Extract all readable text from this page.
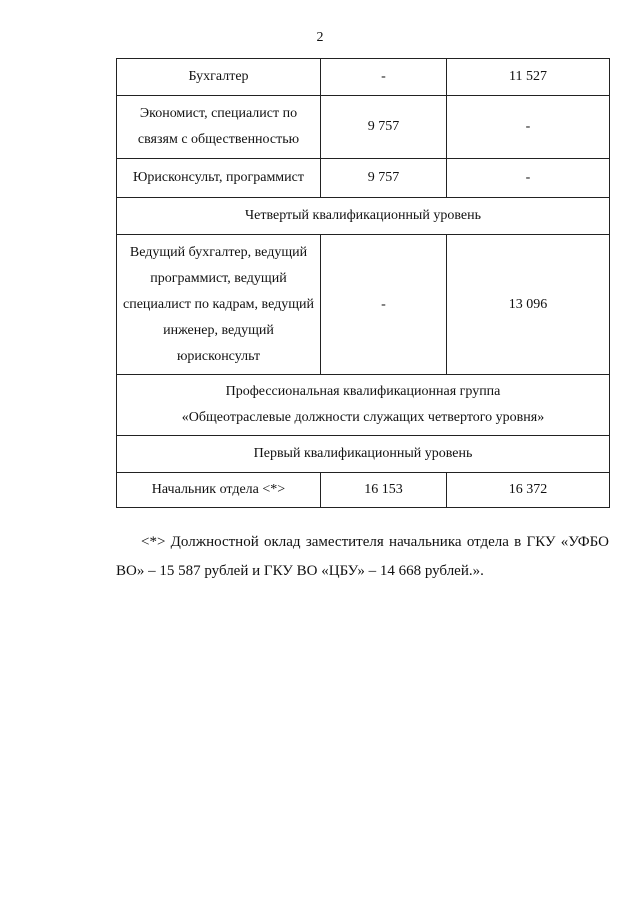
2
Бухгалтер	-	11 527
Экономист, специалист по связям с общественностью	9 757	-
Юрисконсульт, программист	9 757	-
Четвертый квалификационный уровень		
Ведущий бухгалтер, ведущий программист, ведущий специалист по кадрам, ведущий инженер, ведущий юрисконсульт	-	13 096

Профессиональная квалификационная группа
«Общеотраслевые должности служащих четвертого уровня»		

Первый квалификационный уровень		
Начальник отдела <*>	16 153	16 372
<*> Должностной оклад заместителя начальника отдела в ГКУ «УФБО ВО» – 15 587 рублей и ГКУ ВО «ЦБУ» – 14 668 рублей.».
